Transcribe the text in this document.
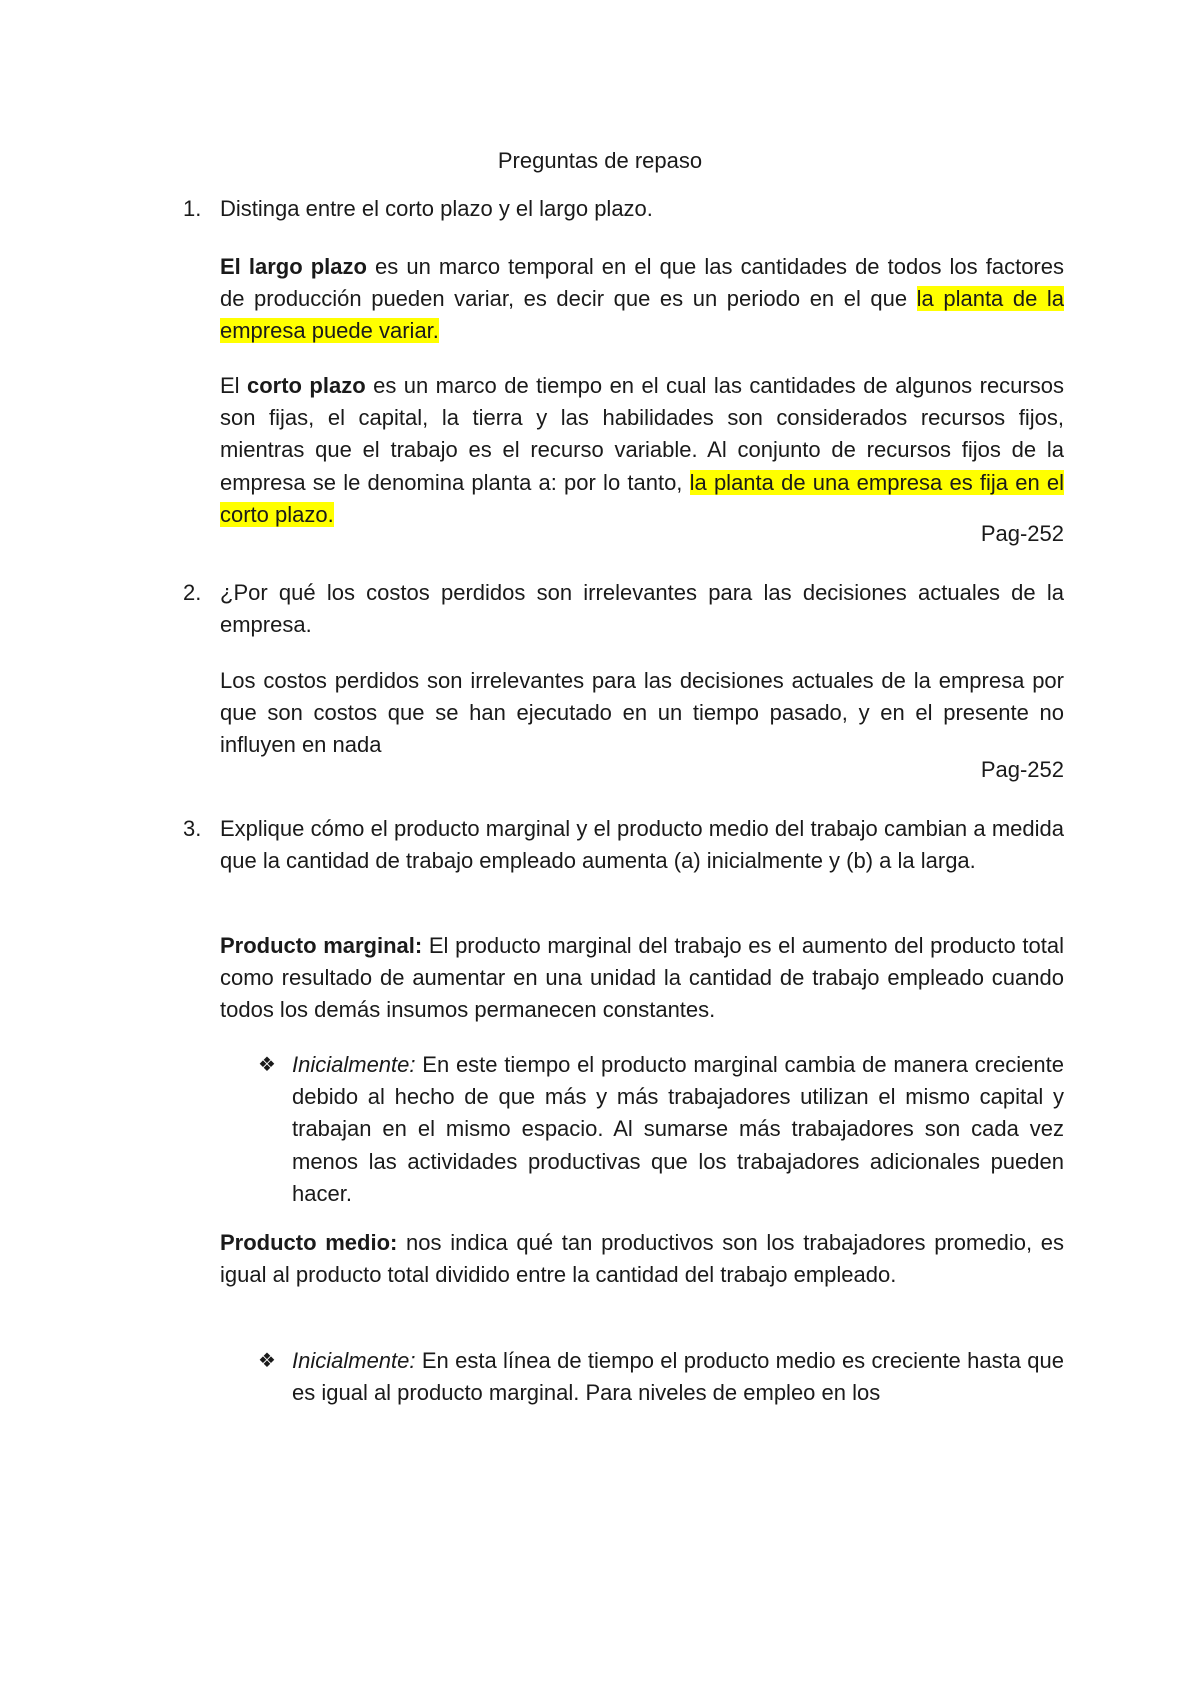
Preguntas de repaso
1. Distinga entre el corto plazo y el largo plazo.

El largo plazo es un marco temporal en el que las cantidades de todos los factores de producción pueden variar, es decir que es un periodo en el que la planta de la empresa puede variar.

El corto plazo es un marco de tiempo en el cual las cantidades de algunos recursos son fijas, el capital, la tierra y las habilidades son considerados recursos fijos, mientras que el trabajo es el recurso variable. Al conjunto de recursos fijos de la empresa se le denomina planta a: por lo tanto, la planta de una empresa es fija en el corto plazo.

Pag-252
2. ¿Por qué los costos perdidos son irrelevantes para las decisiones actuales de la empresa.

Los costos perdidos son irrelevantes para las decisiones actuales de la empresa por que son costos que se han ejecutado en un tiempo pasado, y en el presente no influyen en nada

Pag-252
3. Explique cómo el producto marginal y el producto medio del trabajo cambian a medida que la cantidad de trabajo empleado aumenta (a) inicialmente y (b) a la larga.

Producto marginal: El producto marginal del trabajo es el aumento del producto total como resultado de aumentar en una unidad la cantidad de trabajo empleado cuando todos los demás insumos permanecen constantes.

❖ Inicialmente: En este tiempo el producto marginal cambia de manera creciente debido al hecho de que más y más trabajadores utilizan el mismo capital y trabajan en el mismo espacio. Al sumarse más trabajadores son cada vez menos las actividades productivas que los trabajadores adicionales pueden hacer.

Producto medio: nos indica qué tan productivos son los trabajadores promedio, es igual al producto total dividido entre la cantidad del trabajo empleado.

❖ Inicialmente: En esta línea de tiempo el producto medio es creciente hasta que es igual al producto marginal. Para niveles de empleo en los
